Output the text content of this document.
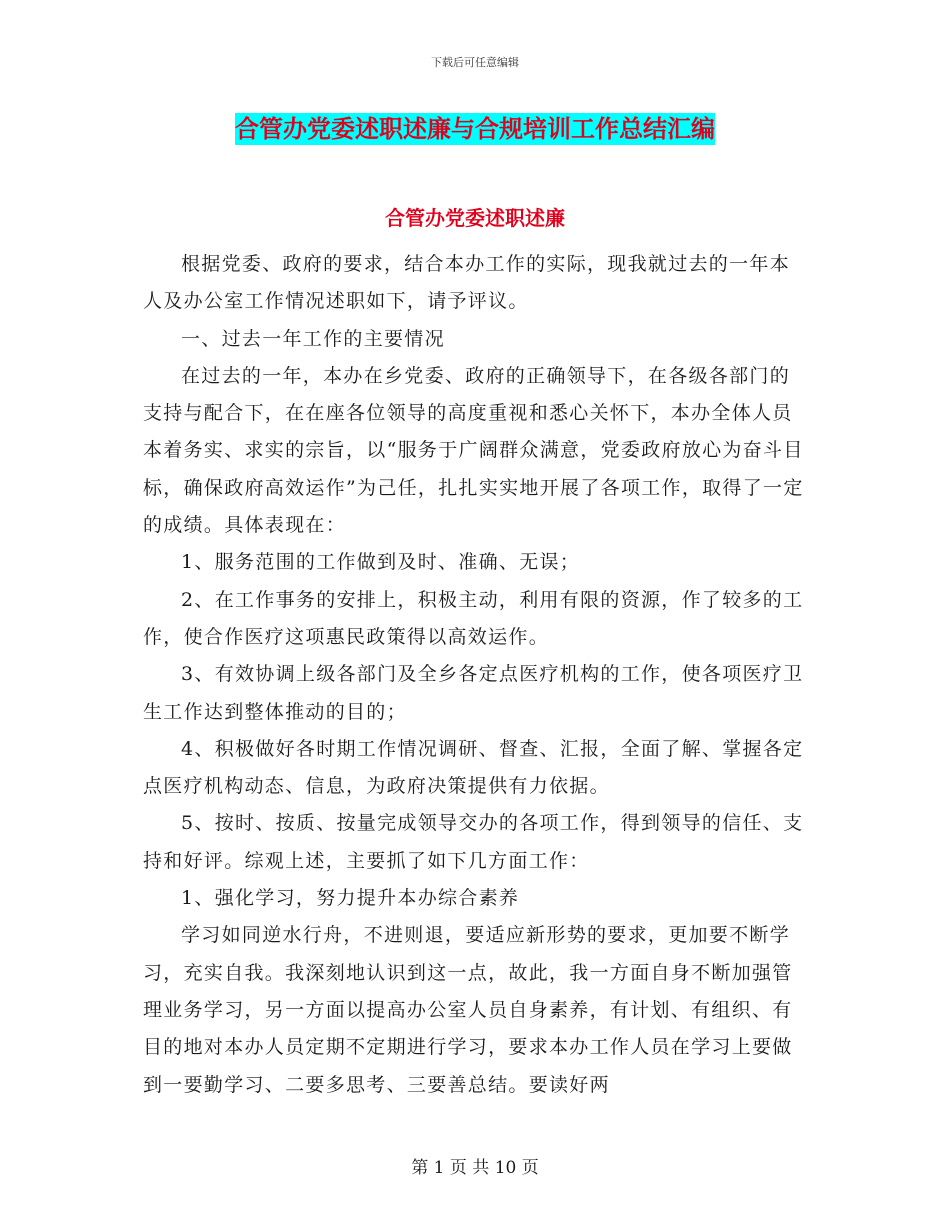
下载后可任意编辑
合管办党委述职述廉与合规培训工作总结汇编
合管办党委述职述廉

根据党委、政府的要求，结合本办工作的实际，现我就过去的一年本人及办公室工作情况述职如下，请予评议。

一、过去一年工作的主要情况

在过去的一年，本办在乡党委、政府的正确领导下，在各级各部门的支持与配合下，在在座各位领导的高度重视和悉心关怀下，本办全体人员本着务实、求实的宗旨，以“服务于广阔群众满意，党委政府放心为奋斗目标，确保政府高效运作”为己任，扎扎实实地开展了各项工作，取得了一定的成绩。具体表现在：

1、服务范围的工作做到及时、准确、无误；

2、在工作事务的安排上，积极主动，利用有限的资源，作了较多的工作，使合作医疗这项惠民政策得以高效运作。

3、有效协调上级各部门及全乡各定点医疗机构的工作，使各项医疗卫生工作达到整体推动的目的；

4、积极做好各时期工作情况调研、督查、汇报，全面了解、掌握各定点医疗机构动态、信息，为政府决策提供有力依据。

5、按时、按质、按量完成领导交办的各项工作，得到领导的信任、支持和好评。综观上述，主要抓了如下几方面工作：

1、强化学习，努力提升本办综合素养

学习如同逆水行舟，不进则退，要适应新形势的要求，更加要不断学习，充实自我。我深刻地认识到这一点，故此，我一方面自身不断加强管理业务学习，另一方面以提高办公室人员自身素养，有计划、有组织、有目的地对本办人员定期不定期进行学习，要求本办工作人员在学习上要做到一要勤学习、二要多思考、三要善总结。要读好两

第 1 页 共 10 页
